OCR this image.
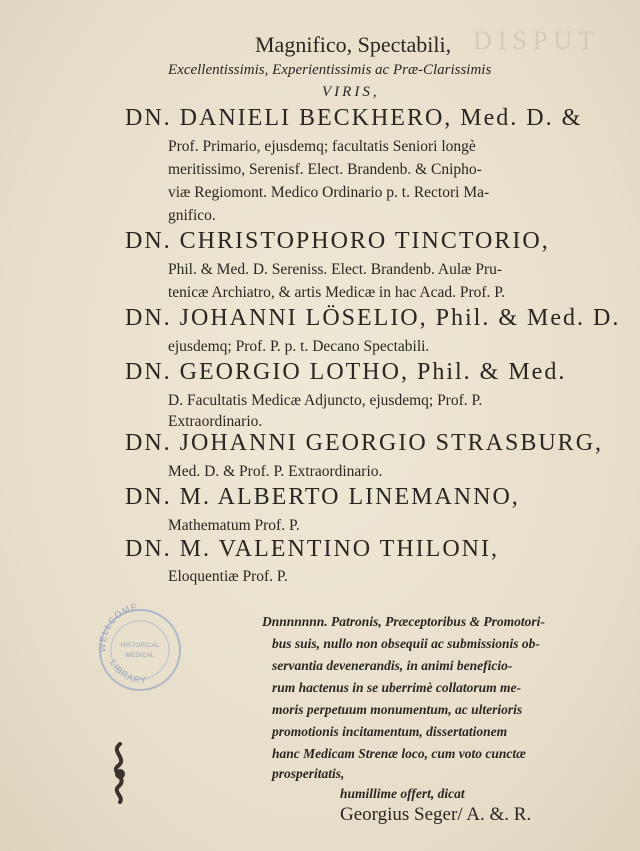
DISPUT
Magnifico, Spectabili,
Excellentissimis, Experientissimis ac Præ-Clarissimis
VIRIS,
DN. DANIELI BECKHERO, Med. D. &
Prof. Primario, ejusdemq; facultatis Seniori longè
meritissimo, Serenisf. Elect. Brandenb. & Cnipho-
viæ Regiomont. Medico Ordinario p. t. Rectori Ma-
gnifico.
DN. CHRISTOPHORO TINCTORIO,
Phil. & Med. D. Sereniss. Elect. Brandenb. Aulæ Pru-
tenicæ Archiatro, & artis Medicæ in hac Acad. Prof. P.
DN. JOHANNI LÖSELIO, Phil. & Med. D.
ejusdemq; Prof. P. p. t. Decano Spectabili.
DN. GEORGIO LOTHO, Phil. & Med.
D. Facultatis Medicæ Adjuncto, ejusdemq; Prof. P.
Extraordinario.
DN. JOHANNI GEORGIO STRASBURG,
Med. D. & Prof. P. Extraordinario.
DN. M. ALBERTO LINEMANNO,
Mathematum Prof. P.
DN. M. VALENTINO THILONI,
Eloquentiæ Prof. P.
WELLCOME
HISTORICAL
MEDICAL
LIBRARY
Dnnnnnnn. Patronis, Præceptoribus & Promotori-
bus suis, nullo non obsequii ac submissionis ob-
servantia devenerandis, in animi beneficio-
rum hactenus in se uberrimè collatorum me-
moris perpetuum monumentum, ac ulterioris
promotionis incitamentum, dissertationem
hanc Medicam Strenæ loco, cum voto cunctæ
prosperitatis,
humillime offert, dicat
Georgius Seger/ A. &. R.
